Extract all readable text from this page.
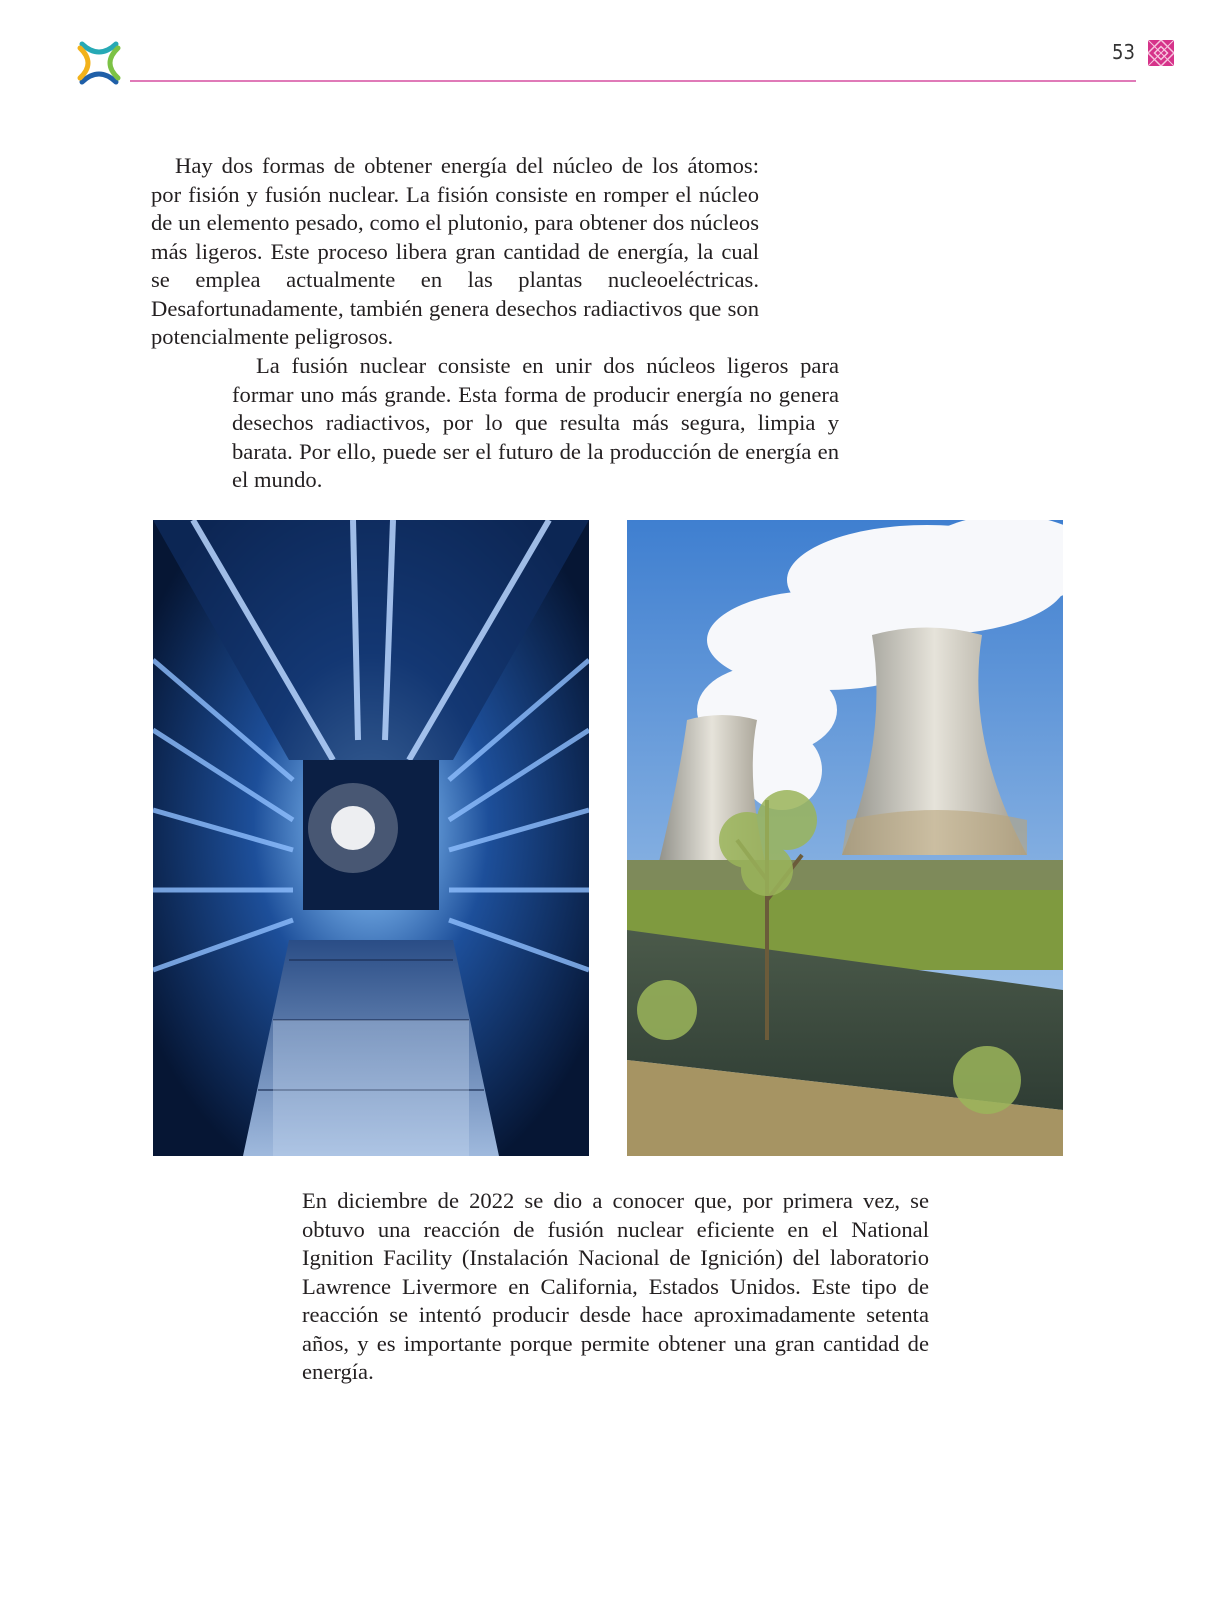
53

Hay dos formas de obtener energía del núcleo de los átomos: por fisión y fusión nuclear. La fisión consiste en romper el núcleo de un elemento pesado, como el plutonio, para obtener dos núcleos más ligeros. Este proceso libera gran cantidad de energía, la cual se emplea actualmente en las plantas nucleoeléctricas. Desafortunadamente, también genera desechos radiactivos que son potencialmente peligrosos.

La fusión nuclear consiste en unir dos núcleos ligeros para formar uno más grande. Esta forma de producir energía no genera desechos radiactivos, por lo que resulta más segura, limpia y barata. Por ello, puede ser el futuro de la producción de energía en el mundo.

En diciembre de 2022 se dio a conocer que, por primera vez, se obtuvo una reacción de fusión nuclear eficiente en el National Ignition Facility (Instalación Nacional de Ignición) del laboratorio Lawrence Livermore en California, Estados Unidos. Este tipo de reacción se intentó producir desde hace aproximadamente setenta años, y es importante porque permite obtener una gran cantidad de energía.
